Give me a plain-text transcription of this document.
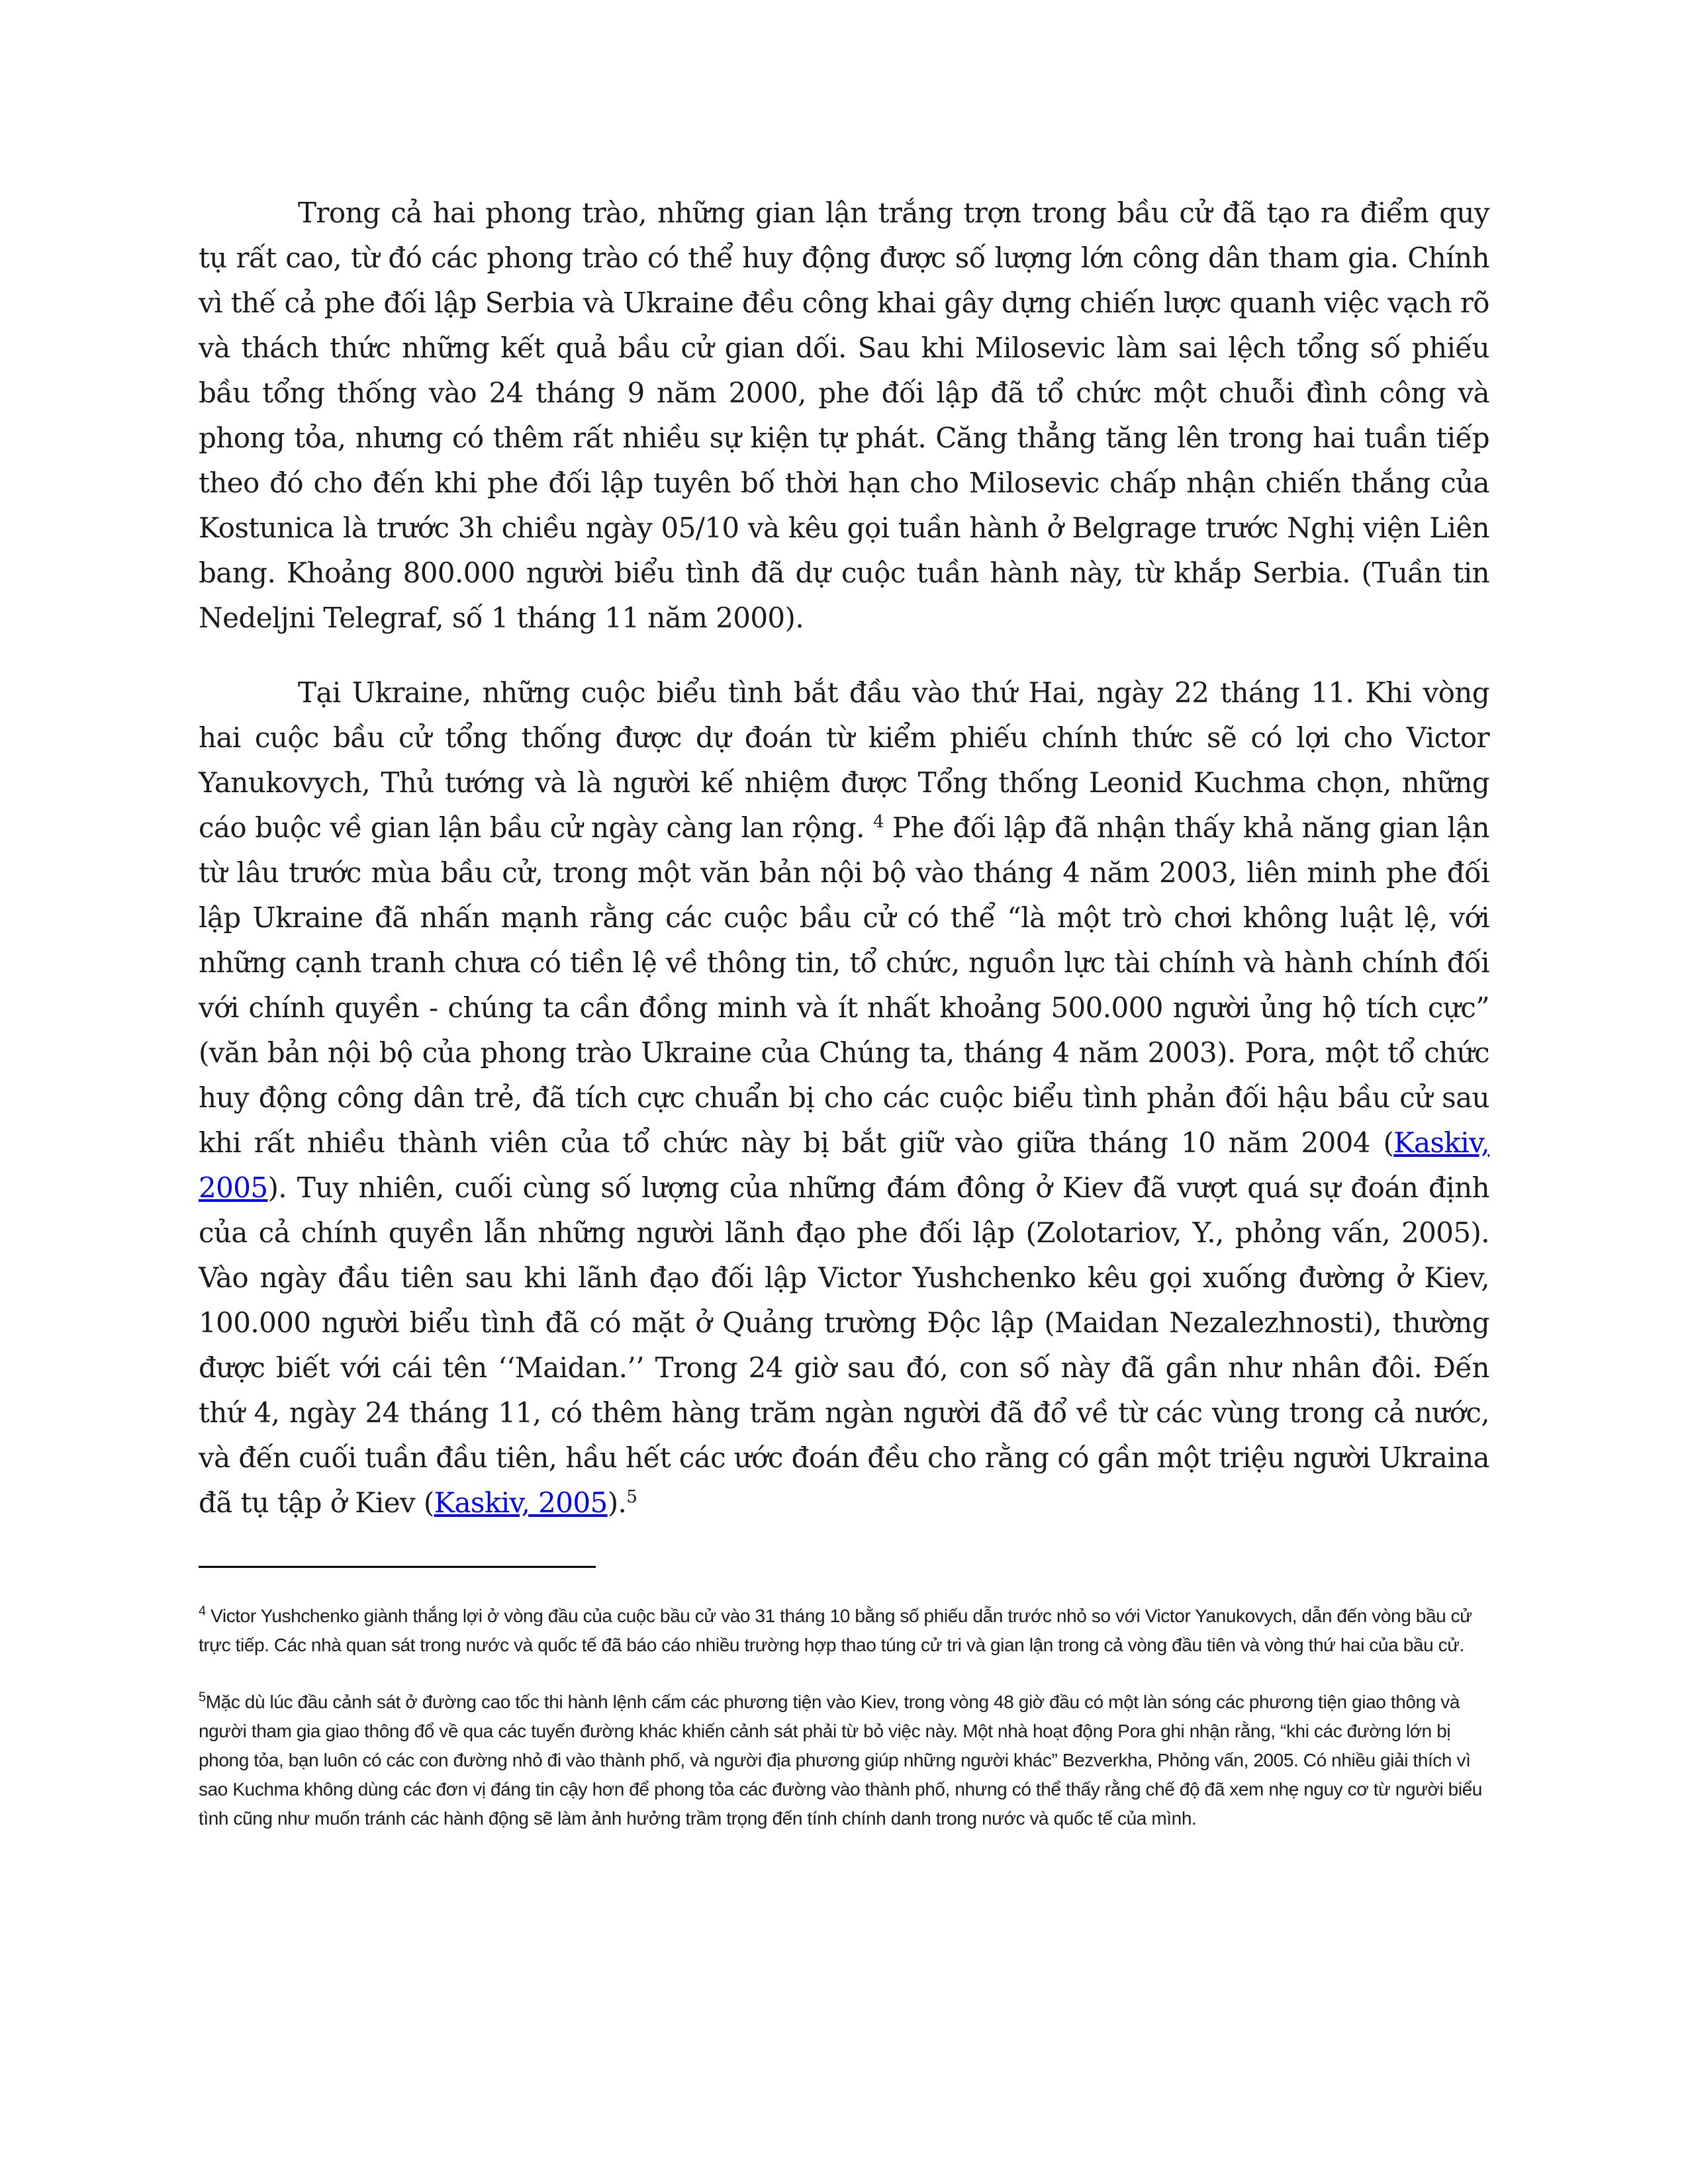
Trong cả hai phong trào, những gian lận trắng trợn trong bầu cử đã tạo ra điểm quy tụ rất cao, từ đó các phong trào có thể huy động được số lượng lớn công dân tham gia. Chính vì thế cả phe đối lập Serbia và Ukraine đều công khai gây dựng chiến lược quanh việc vạch rõ và thách thức những kết quả bầu cử gian dối. Sau khi Milosevic làm sai lệch tổng số phiếu bầu tổng thống vào 24 tháng 9 năm 2000, phe đối lập đã tổ chức một chuỗi đình công và phong tỏa, nhưng có thêm rất nhiều sự kiện tự phát. Căng thẳng tăng lên trong hai tuần tiếp theo đó cho đến khi phe đối lập tuyên bố thời hạn cho Milosevic chấp nhận chiến thắng của Kostunica là trước 3h chiều ngày 05/10 và kêu gọi tuần hành ở Belgrage trước Nghị viện Liên bang. Khoảng 800.000 người biểu tình đã dự cuộc tuần hành này, từ khắp Serbia. (Tuần tin Nedeljni Telegraf, số 1 tháng 11 năm 2000).

Tại Ukraine, những cuộc biểu tình bắt đầu vào thứ Hai, ngày 22 tháng 11. Khi vòng hai cuộc bầu cử tổng thống được dự đoán từ kiểm phiếu chính thức sẽ có lợi cho Victor Yanukovych, Thủ tướng và là người kế nhiệm được Tổng thống Leonid Kuchma chọn, những cáo buộc về gian lận bầu cử ngày càng lan rộng. $^4$ Phe đối lập đã nhận thấy khả năng gian lận từ lâu trước mùa bầu cử, trong một văn bản nội bộ vào tháng 4 năm 2003, liên minh phe đối lập Ukraine đã nhấn mạnh rằng các cuộc bầu cử có thể “là một trò chơi không luật lệ, với những cạnh tranh chưa có tiền lệ về thông tin, tổ chức, nguồn lực tài chính và hành chính đối với chính quyền - chúng ta cần đồng minh và ít nhất khoảng 500.000 người ủng hộ tích cực” (văn bản nội bộ của phong trào Ukraine của Chúng ta, tháng 4 năm 2003). Pora, một tổ chức huy động công dân trẻ, đã tích cực chuẩn bị cho các cuộc biểu tình phản đối hậu bầu cử sau khi rất nhiều thành viên của tổ chức này bị bắt giữ vào giữa tháng 10 năm 2004 (Kaskiv, 2005). Tuy nhiên, cuối cùng số lượng của những đám đông ở Kiev đã vượt quá sự đoán định của cả chính quyền lẫn những người lãnh đạo phe đối lập (Zolotariov, Y., phỏng vấn, 2005). Vào ngày đầu tiên sau khi lãnh đạo đối lập Victor Yushchenko kêu gọi xuống đường ở Kiev, 100.000 người biểu tình đã có mặt ở Quảng trường Độc lập (Maidan Nezalezhnosti), thường được biết với cái tên ‘‘Maidan.’’ Trong 24 giờ sau đó, con số này đã gần như nhân đôi. Đến thứ 4, ngày 24 tháng 11, có thêm hàng trăm ngàn người đã đổ về từ các vùng trong cả nước, và đến cuối tuần đầu tiên, hầu hết các ước đoán đều cho rằng có gần một triệu người Ukraina đã tụ tập ở Kiev (Kaskiv, 2005).$^5$

$^4$ Victor Yushchenko giành thắng lợi ở vòng đầu của cuộc bầu cử vào 31 tháng 10 bằng số phiếu dẫn trước nhỏ so với Victor Yanukovych, dẫn đến vòng bầu cử trực tiếp. Các nhà quan sát trong nước và quốc tế đã báo cáo nhiều trường hợp thao túng cử tri và gian lận trong cả vòng đầu tiên và vòng thứ hai của bầu cử.

$^5$Mặc dù lúc đầu cảnh sát ở đường cao tốc thi hành lệnh cấm các phương tiện vào Kiev, trong vòng 48 giờ đầu có một làn sóng các phương tiện giao thông và người tham gia giao thông đổ về qua các tuyến đường khác khiến cảnh sát phải từ bỏ việc này. Một nhà hoạt động Pora ghi nhận rằng, “khi các đường lớn bị phong tỏa, bạn luôn có các con đường nhỏ đi vào thành phố, và người địa phương giúp những người khác” Bezverkha, Phỏng vấn, 2005. Có nhiều giải thích vì sao Kuchma không dùng các đơn vị đáng tin cậy hơn để phong tỏa các đường vào thành phố, nhưng có thể thấy rằng chế độ đã xem nhẹ nguy cơ từ người biểu tình cũng như muốn tránh các hành động sẽ làm ảnh hưởng trầm trọng đến tính chính danh trong nước và quốc tế của mình.
